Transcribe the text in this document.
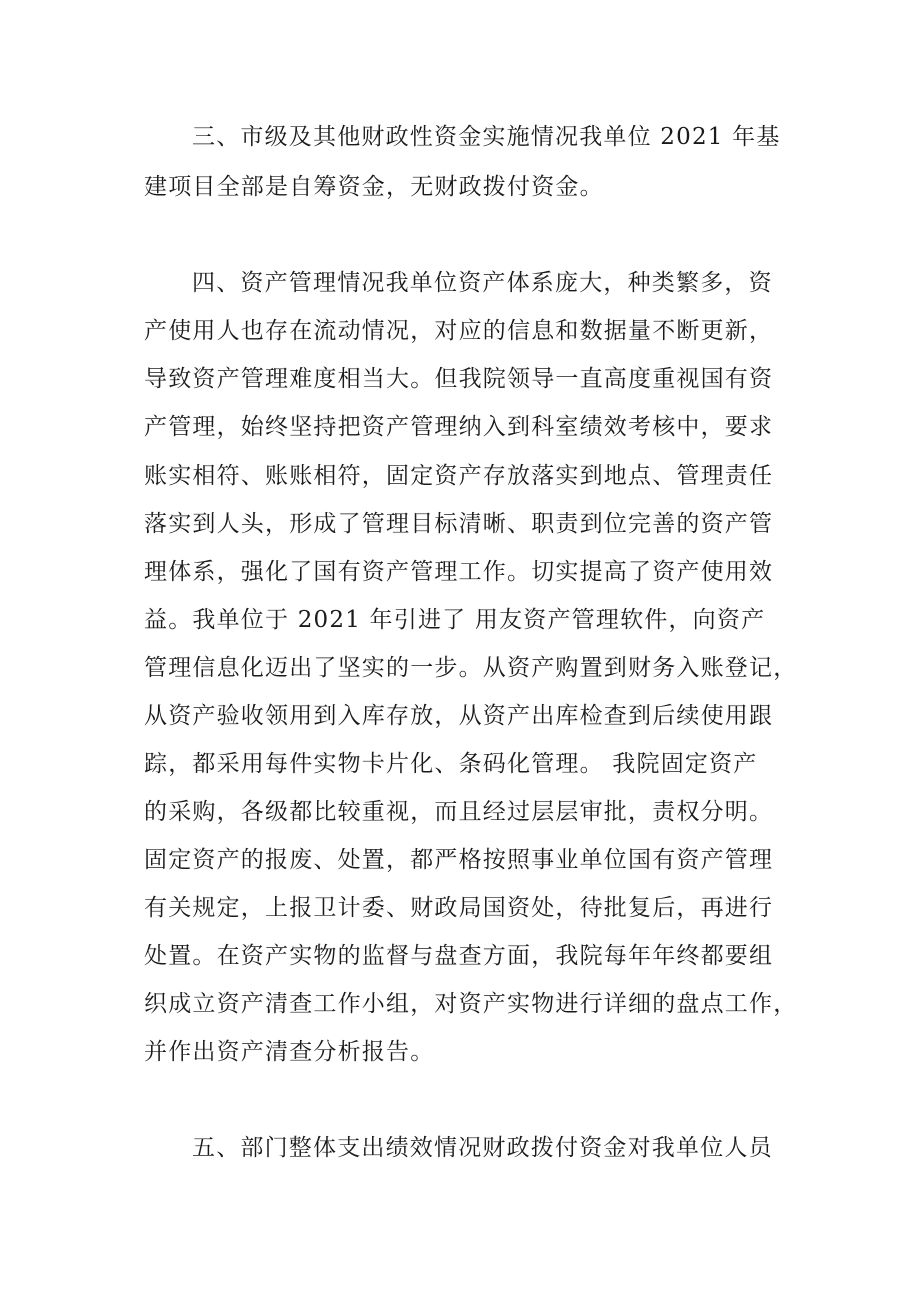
三、市级及其他财政性资金实施情况我单位 2021 年基
建项目全部是自筹资金，无财政拨付资金。
四、资产管理情况我单位资产体系庞大，种类繁多，资
产使用人也存在流动情况，对应的信息和数据量不断更新，
导致资产管理难度相当大。但我院领导一直高度重视国有资
产管理，始终坚持把资产管理纳入到科室绩效考核中，要求
账实相符、账账相符，固定资产存放落实到地点、管理责任
落实到人头，形成了管理目标清晰、职责到位完善的资产管
理体系，强化了国有资产管理工作。切实提高了资产使用效
益。我单位于 2021 年引进了 用友资产管理软件，向资产
管理信息化迈出了坚实的一步。从资产购置到财务入账登记，
从资产验收领用到入库存放，从资产出库检查到后续使用跟
踪，都采用每件实物卡片化、条码化管理。 我院固定资产
的采购，各级都比较重视，而且经过层层审批，责权分明。
固定资产的报废、处置，都严格按照事业单位国有资产管理
有关规定，上报卫计委、财政局国资处，待批复后，再进行
处置。在资产实物的监督与盘查方面，我院每年年终都要组
织成立资产清查工作小组，对资产实物进行详细的盘点工作，
并作出资产清查分析报告。
五、部门整体支出绩效情况财政拨付资金对我单位人员
